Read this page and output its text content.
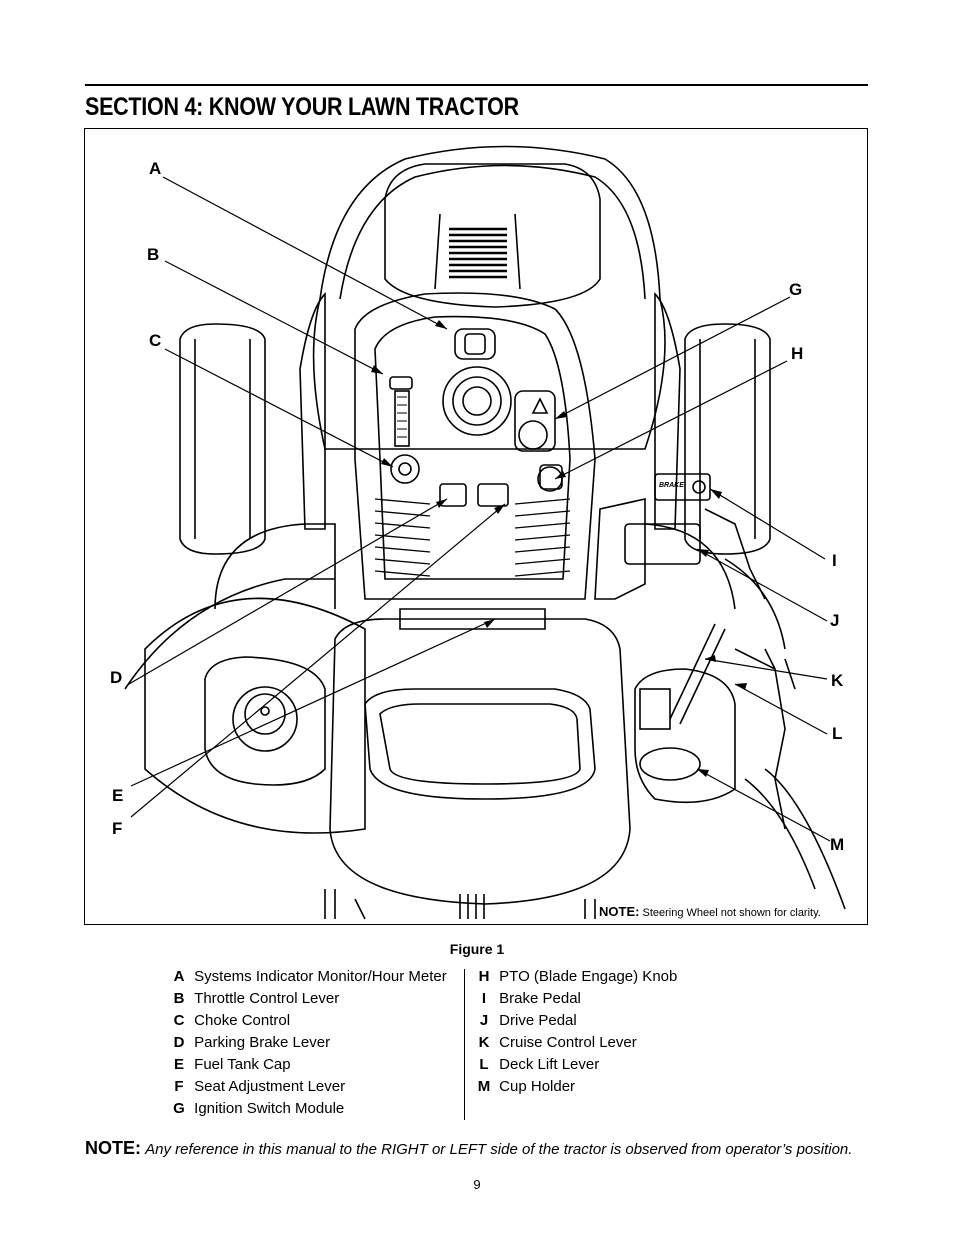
SECTION 4: KNOW YOUR LAWN TRACTOR
A
B
C
D
E
F
G
H
I
J
K
L
M
BRAKE
NOTE: Steering Wheel not shown for clarity.
Figure 1
A
Systems Indicator Monitor/Hour Meter
B
Throttle Control Lever
C
Choke Control
D
Parking Brake Lever
E
Fuel Tank Cap
F
Seat Adjustment Lever
G
Ignition Switch Module
H
PTO (Blade Engage) Knob
I
Brake Pedal
J
Drive Pedal
K
Cruise Control Lever
L
Deck Lift Lever
M
Cup Holder
NOTE: Any reference in this manual to the RIGHT or LEFT side of the tractor is observed from operator’s position.
9
